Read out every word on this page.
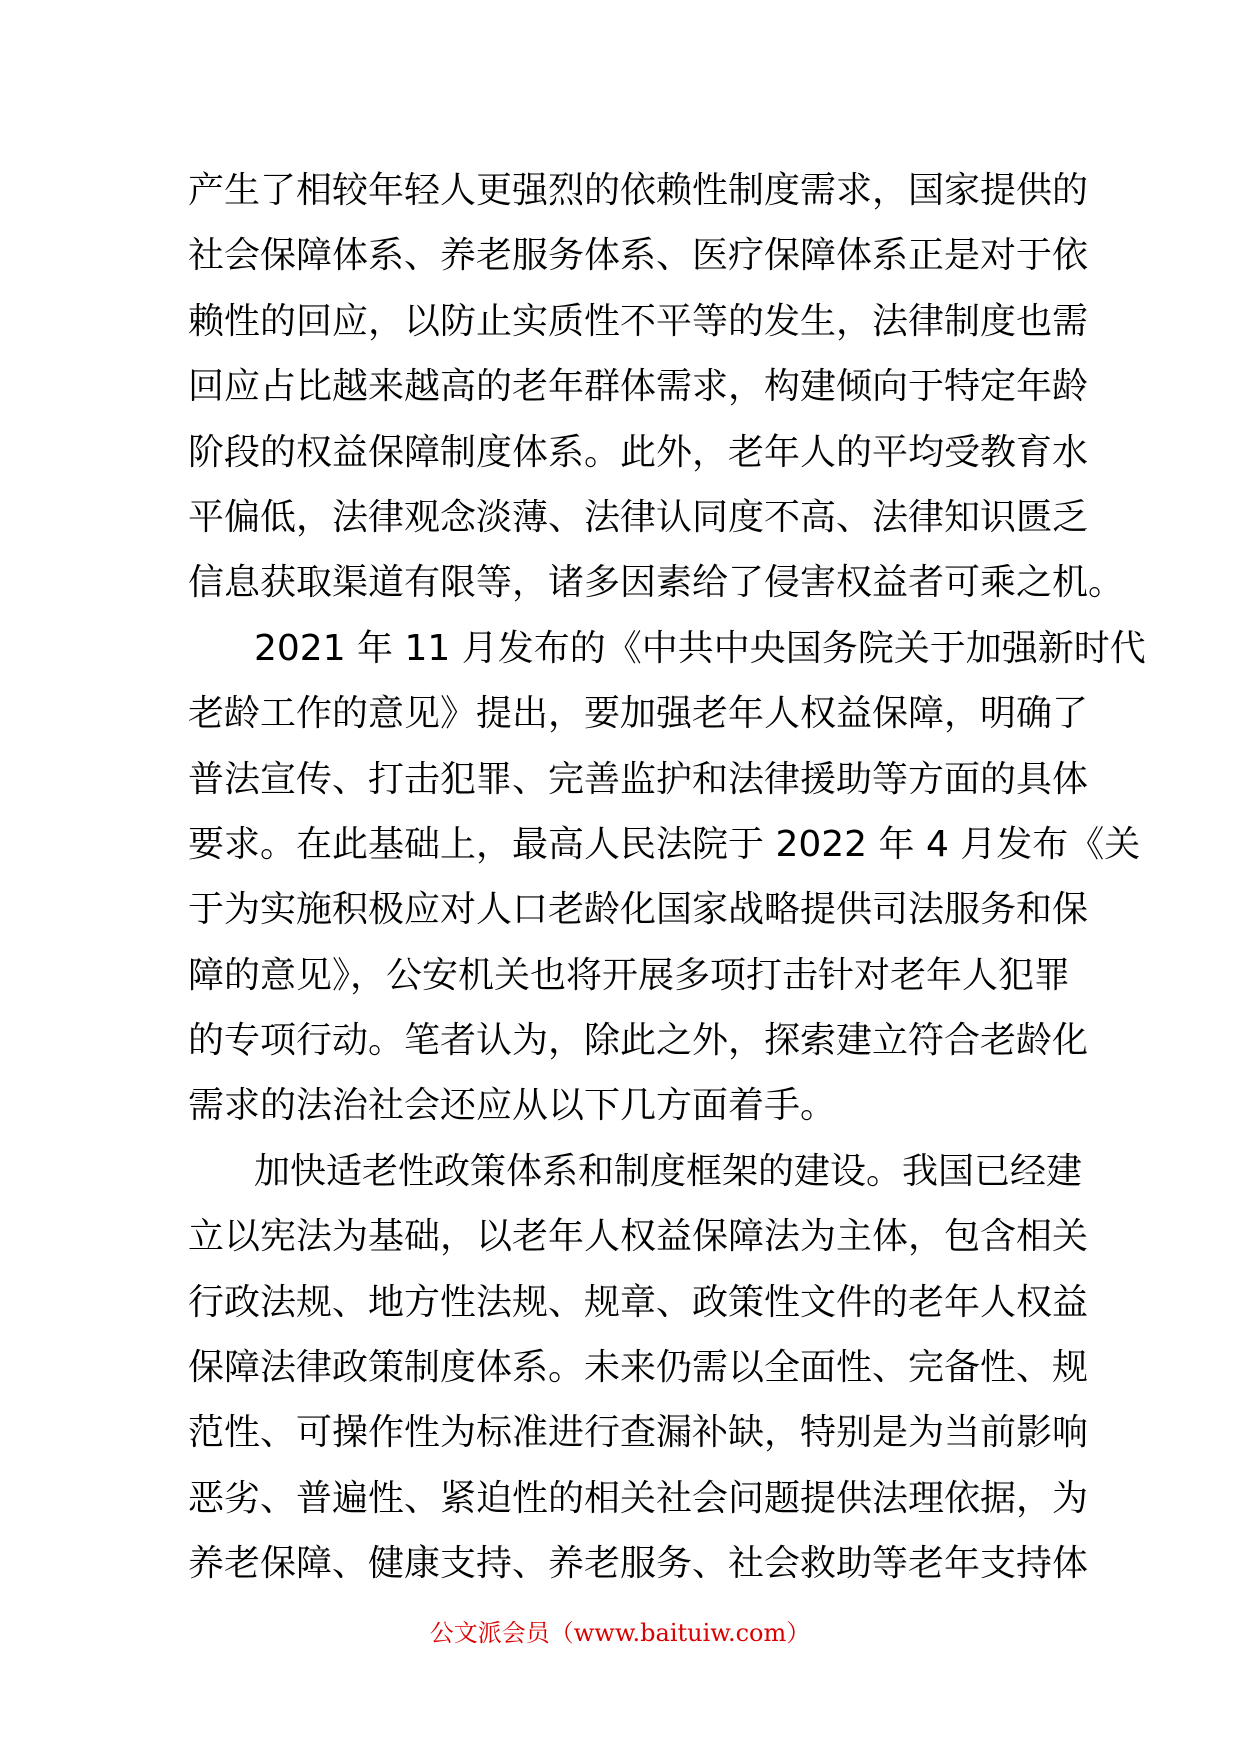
产生了相较年轻人更强烈的依赖性制度需求，国家提供的
社会保障体系、养老服务体系、医疗保障体系正是对于依
赖性的回应，以防止实质性不平等的发生，法律制度也需
回应占比越来越高的老年群体需求，构建倾向于特定年龄
阶段的权益保障制度体系。此外，老年人的平均受教育水
平偏低，法律观念淡薄、法律认同度不高、法律知识匮乏
信息获取渠道有限等，诸多因素给了侵害权益者可乘之机。
2021 年 11 月发布的《中共中央国务院关于加强新时代
老龄工作的意见》提出，要加强老年人权益保障，明确了
普法宣传、打击犯罪、完善监护和法律援助等方面的具体
要求。在此基础上，最高人民法院于 2022 年 4 月发布《关
于为实施积极应对人口老龄化国家战略提供司法服务和保
障的意见》，公安机关也将开展多项打击针对老年人犯罪
的专项行动。笔者认为，除此之外，探索建立符合老龄化
需求的法治社会还应从以下几方面着手。
加快适老性政策体系和制度框架的建设。我国已经建
立以宪法为基础，以老年人权益保障法为主体，包含相关
行政法规、地方性法规、规章、政策性文件的老年人权益
保障法律政策制度体系。未来仍需以全面性、完备性、规
范性、可操作性为标准进行查漏补缺，特别是为当前影响
恶劣、普遍性、紧迫性的相关社会问题提供法理依据，为
养老保障、健康支持、养老服务、社会救助等老年支持体
公文派会员（www.baituiw.com）
